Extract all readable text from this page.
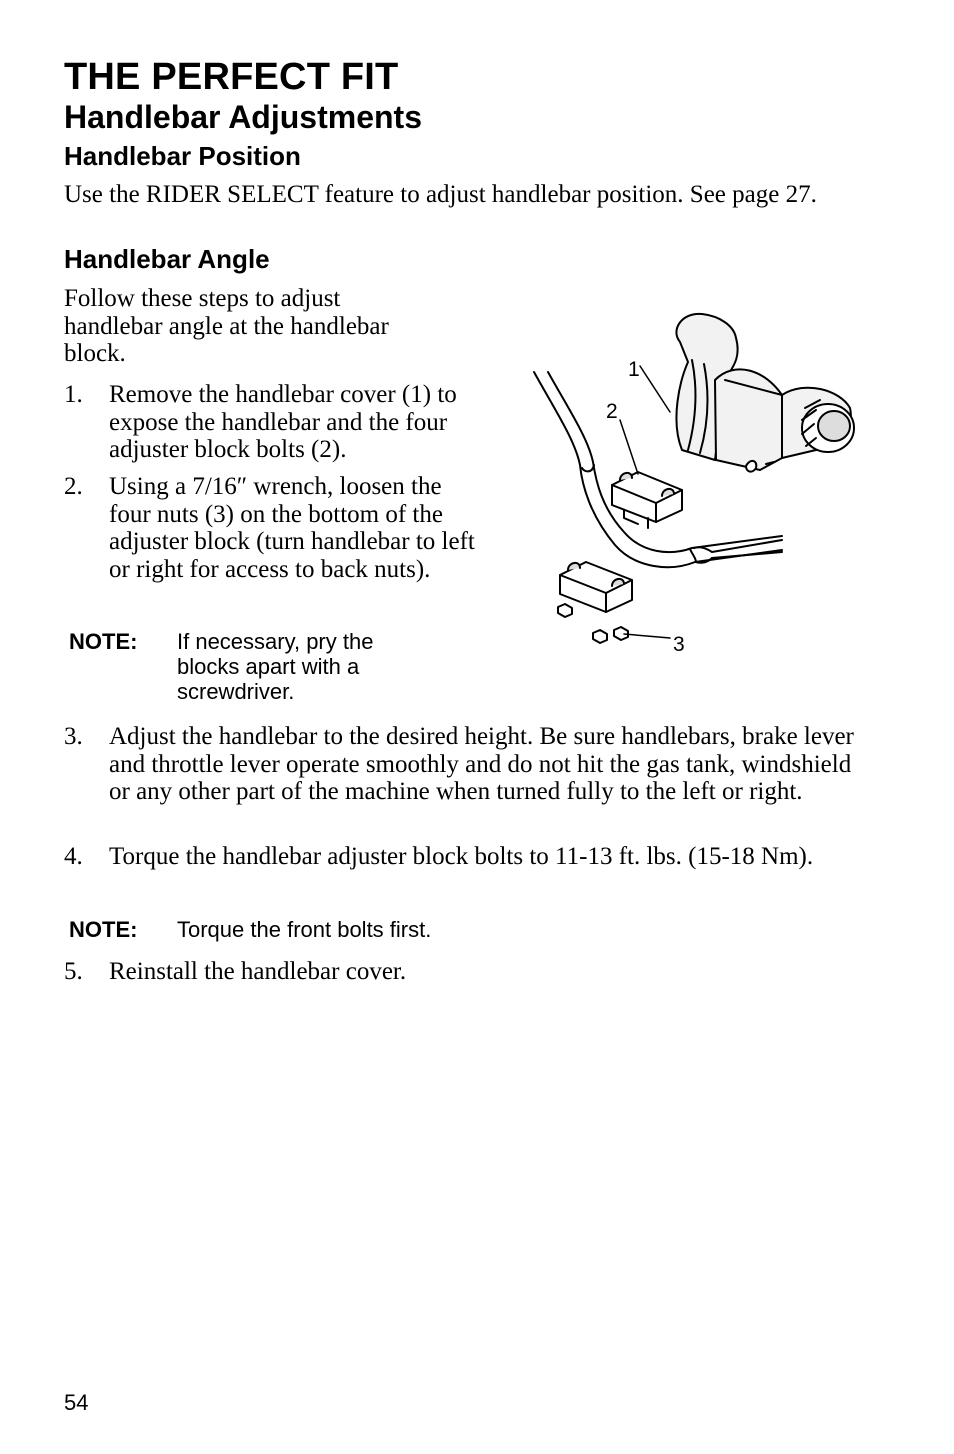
THE PERFECT FIT
Handlebar Adjustments
Handlebar Position

Use the RIDER SELECT feature to adjust handlebar position. See page 27.

Handlebar Angle

Follow these steps to adjust handlebar angle at the handlebar block.

1. Remove the handlebar cover (1) to expose the handlebar and the four adjuster block bolts (2).
2. Using a 7/16″ wrench, loosen the four nuts (3) on the bottom of the adjuster block (turn handlebar to left or right for access to back nuts).
NOTE: If necessary, pry the blocks apart with a screwdriver.
3. Adjust the handlebar to the desired height. Be sure handlebars, brake lever and throttle lever operate smoothly and do not hit the gas tank, windshield or any other part of the machine when turned fully to the left or right.
4. Torque the handlebar adjuster block bolts to 11-13 ft. lbs. (15-18 Nm).
NOTE: Torque the front bolts first.
5. Reinstall the handlebar cover.
1
2
3
54
